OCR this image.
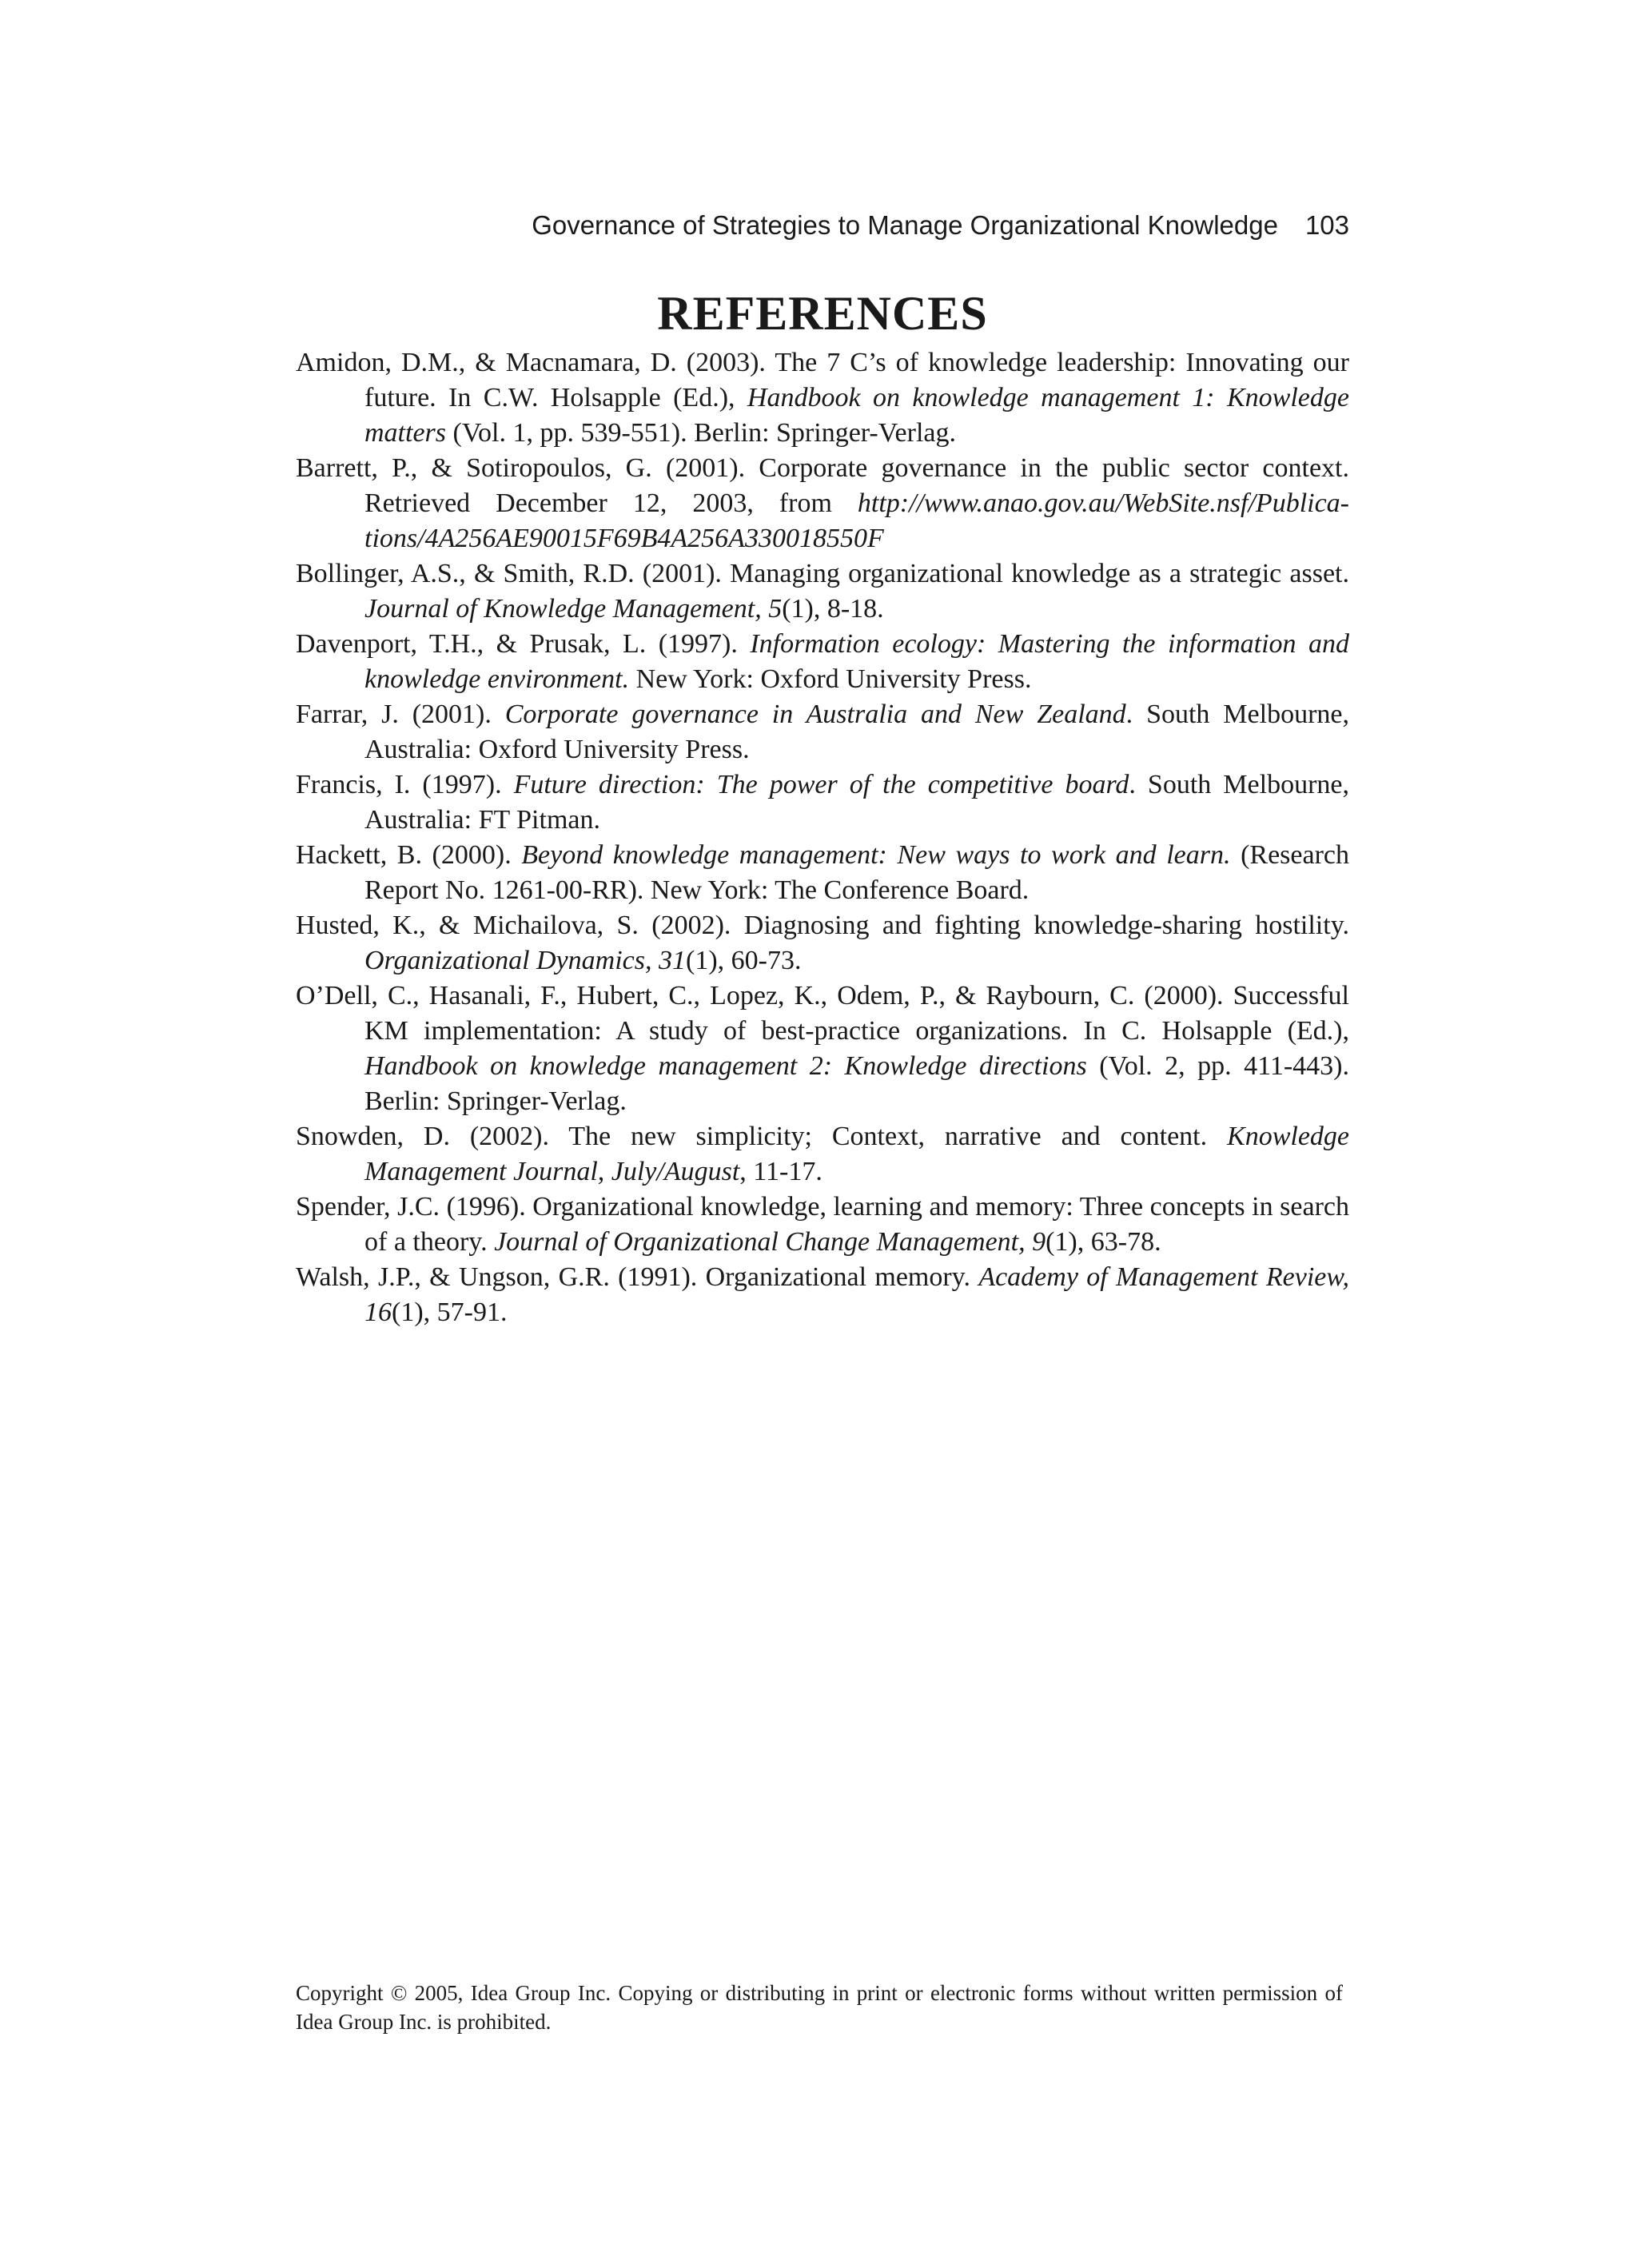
Governance of Strategies to Manage Organizational Knowledge 103
REFERENCES
Amidon, D.M., & Macnamara, D. (2003). The 7 C’s of knowledge leadership: Innovating our future. In C.W. Holsapple (Ed.), Handbook on knowledge management 1: Knowledge matters (Vol. 1, pp. 539-551). Berlin: Springer-Verlag.
Barrett, P., & Sotiropoulos, G. (2001). Corporate governance in the public sector context. Retrieved December 12, 2003, from http://www.anao.gov.au/WebSite.nsf/Publica-tions/4A256AE90015F69B4A256A330018550F
Bollinger, A.S., & Smith, R.D. (2001). Managing organizational knowledge as a strategic asset. Journal of Knowledge Management, 5(1), 8-18.
Davenport, T.H., & Prusak, L. (1997). Information ecology: Mastering the information and knowledge environment. New York: Oxford University Press.
Farrar, J. (2001). Corporate governance in Australia and New Zealand. South Melbourne, Australia: Oxford University Press.
Francis, I. (1997). Future direction: The power of the competitive board. South Melbourne, Australia: FT Pitman.
Hackett, B. (2000). Beyond knowledge management: New ways to work and learn. (Research Report No. 1261-00-RR). New York: The Conference Board.
Husted, K., & Michailova, S. (2002). Diagnosing and fighting knowledge-sharing hostility. Organizational Dynamics, 31(1), 60-73.
O’Dell, C., Hasanali, F., Hubert, C., Lopez, K., Odem, P., & Raybourn, C. (2000). Successful KM implementation: A study of best-practice organizations. In C. Holsapple (Ed.), Handbook on knowledge management 2: Knowledge directions (Vol. 2, pp. 411-443). Berlin: Springer-Verlag.
Snowden, D. (2002). The new simplicity; Context, narrative and content. Knowledge Management Journal, July/August, 11-17.
Spender, J.C. (1996). Organizational knowledge, learning and memory: Three concepts in search of a theory. Journal of Organizational Change Management, 9(1), 63-78.
Walsh, J.P., & Ungson, G.R. (1991). Organizational memory. Academy of Management Review, 16(1), 57-91.
Copyright © 2005, Idea Group Inc. Copying or distributing in print or electronic forms without written permission of Idea Group Inc. is prohibited.
